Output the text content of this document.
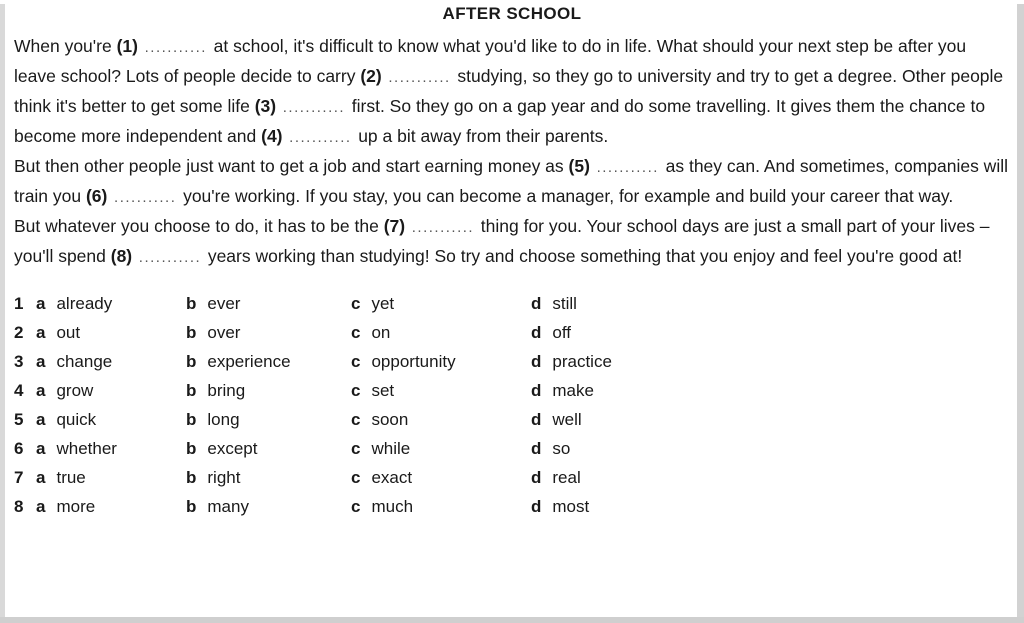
AFTER SCHOOL

When you're (1) ........... at school, it's difficult to know what you'd like to do in life. What should your next step be after you leave school? Lots of people decide to carry (2) ........... studying, so they go to university and try to get a degree. Other people think it's better to get some life (3) ........... first. So they go on a gap year and do some travelling. It gives them the chance to become more independent and (4) ........... up a bit away from their parents.

But then other people just want to get a job and start earning money as (5) ........... as they can. And sometimes, companies will train you (6) ........... you're working. If you stay, you can become a manager, for example and build your career that way.

But whatever you choose to do, it has to be the (7) ........... thing for you. Your school days are just a small part of your lives – you'll spend (8) ........... years working than studying! So try and choose something that you enjoy and feel you're good at!

1 a already	b ever	c yet	d still
2 a out	b over	c on	d off
3 a change	b experience	c opportunity	d practice
4 a grow	b bring	c set	d make
5 a quick	b long	c soon	d well
6 a whether	b except	c while	d so
7 a true	b right	c exact	d real
8 a more	b many	c much	d most
